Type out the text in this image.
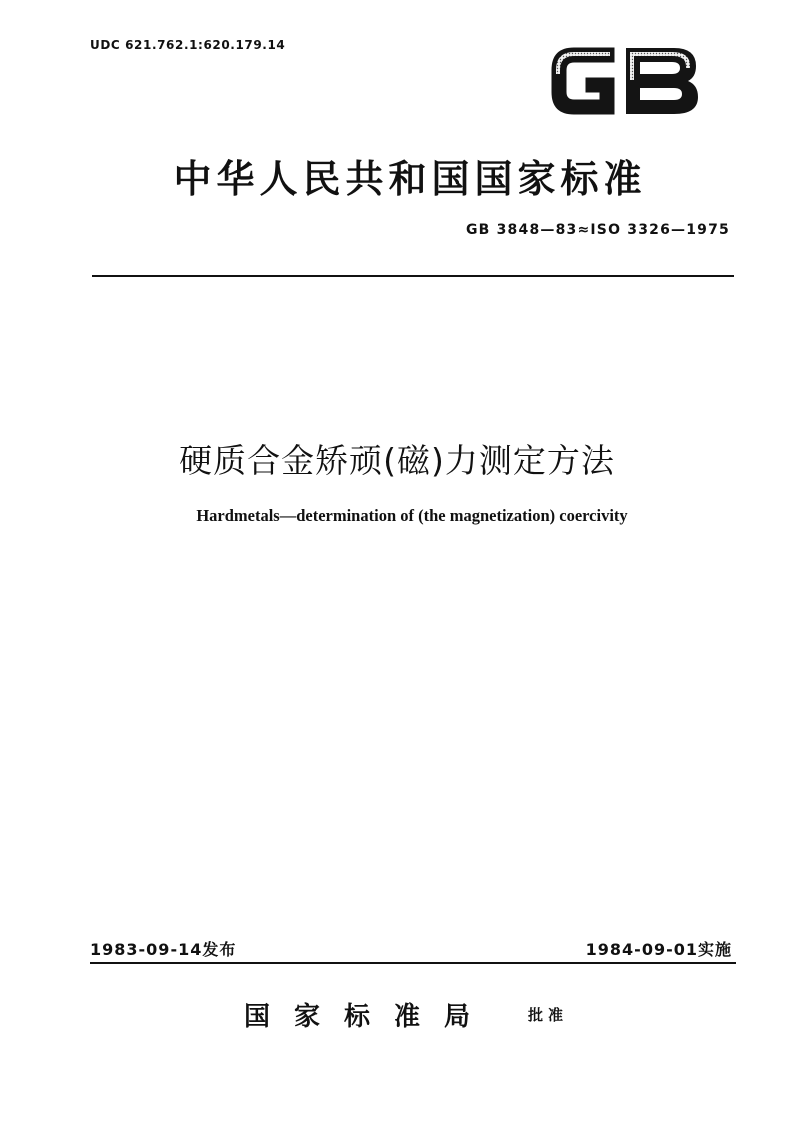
UDC 621.762.1:620.179.14
中华人民共和国国家标准
GB 3848—83≈ISO 3326—1975
硬质合金矫顽(磁)力测定方法
Hardmetals—determination of (the magnetization) coercivity
1983-09-14发布	1984-09-01实施
国家标准局 批准
